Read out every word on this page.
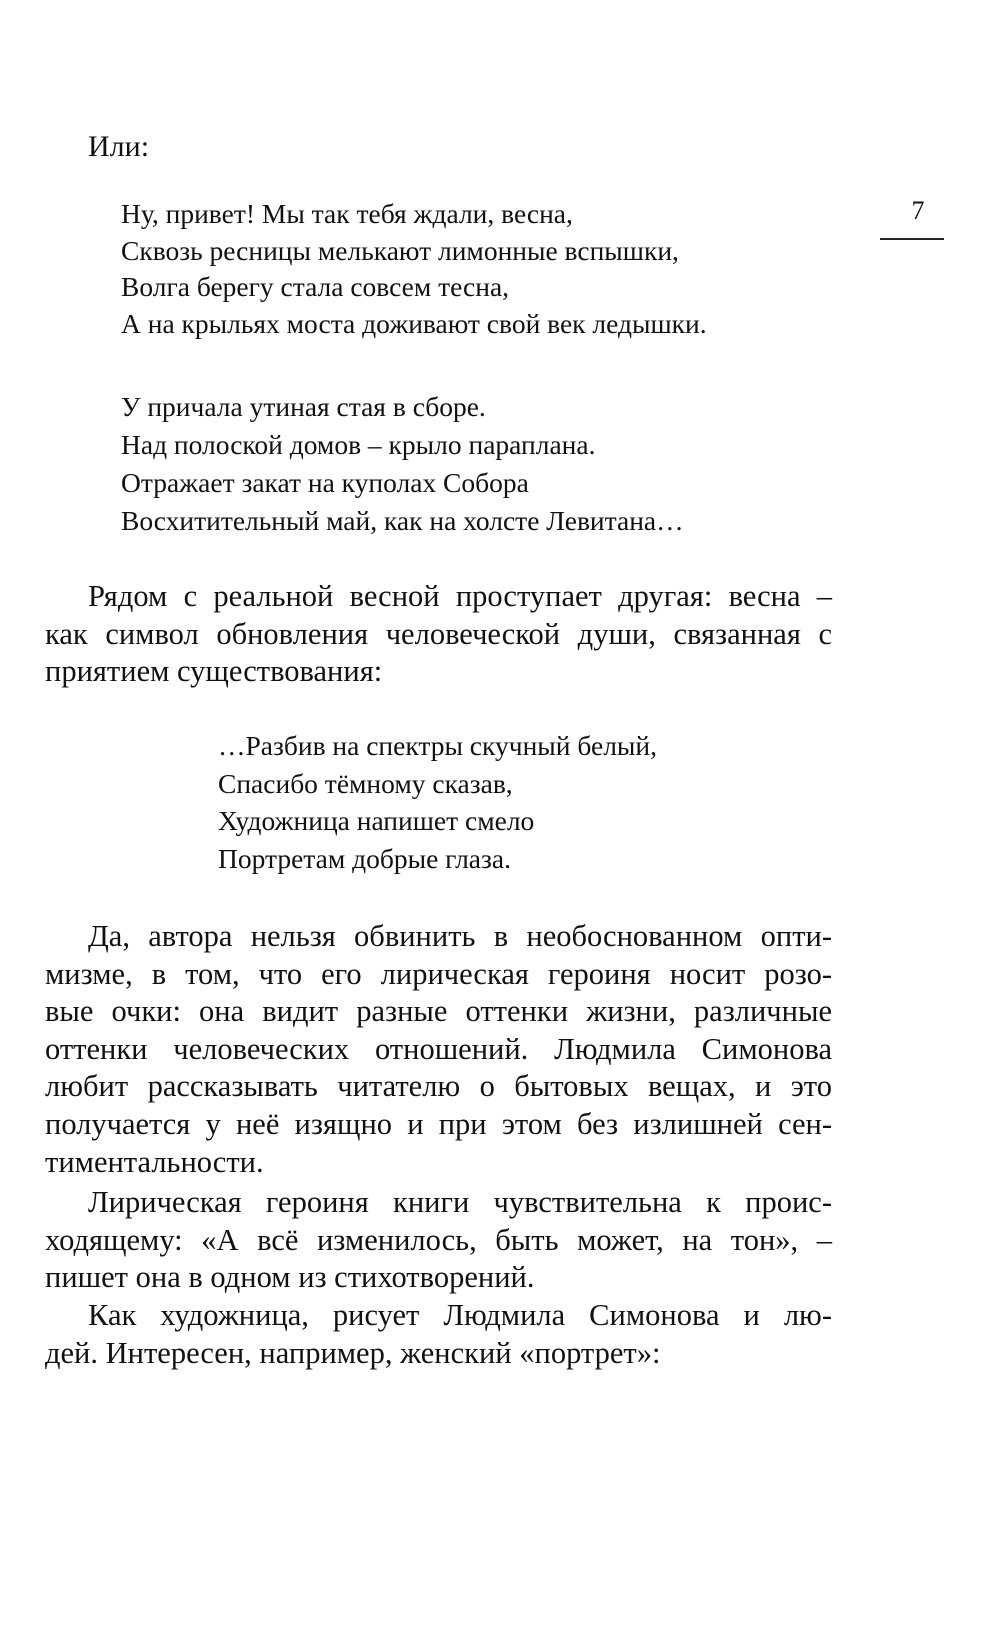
7

Или:

Ну, привет! Мы так тебя ждали, весна,

Сквозь ресницы мелькают лимонные вспышки,

Волга берегу стала совсем тесна,

А на крыльях моста доживают свой век ледышки.

У причала утиная стая в сборе.

Над полоской домов – крыло параплана.

Отражает закат на куполах Собора

Восхитительный май, как на холсте Левитана…

Рядом с реальной весной проступает другая: весна –
как символ обновления человеческой души, связанная с
приятием существования:

…Разбив на спектры скучный белый,

Спасибо тёмному сказав,

Художница напишет смело

Портретам добрые глаза.

Да, автора нельзя обвинить в необоснованном опти-
мизме, в том, что его лирическая героиня носит розо-
вые очки: она видит разные оттенки жизни, различные
оттенки человеческих отношений. Людмила Симонова
любит рассказывать читателю о бытовых вещах, и это
получается у неё изящно и при этом без излишней сен-
тиментальности.
Лирическая героиня книги чувствительна к проис-
ходящему: «А всё изменилось, быть может, на тон», –
пишет она в одном из стихотворений.
Как художница, рисует Людмила Симонова и лю-
дей. Интересен, например, женский «портрет»:
